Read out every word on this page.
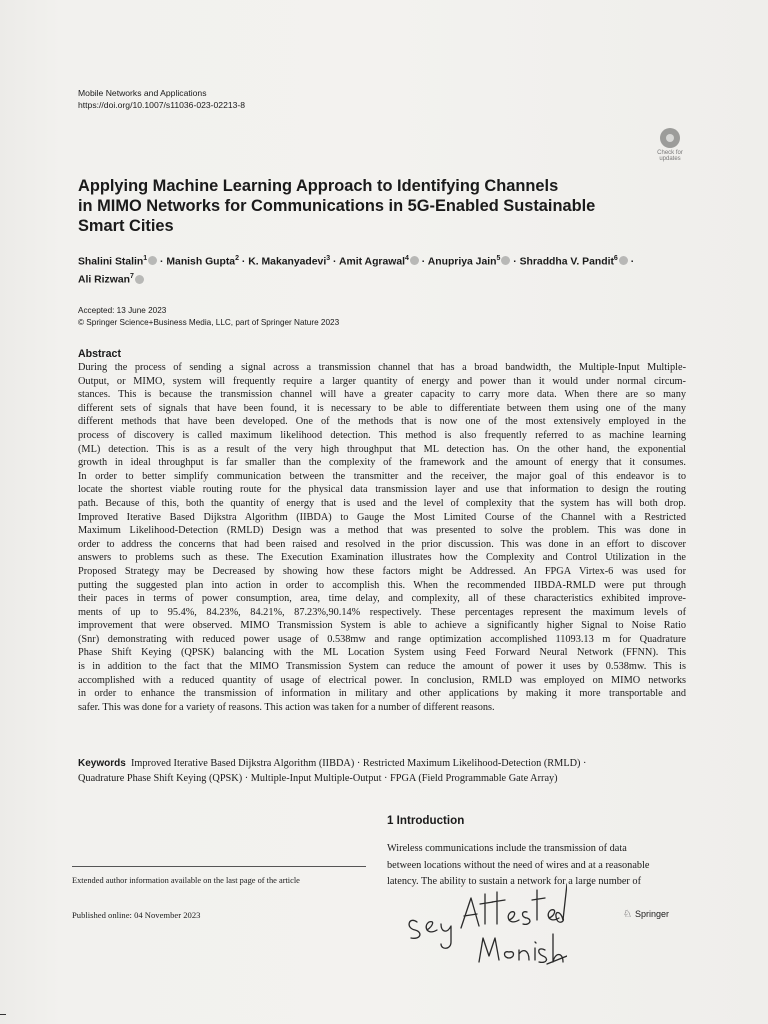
Mobile Networks and Applications
https://doi.org/10.1007/s11036-023-02213-8
Check for updates
Applying Machine Learning Approach to Identifying Channels
in MIMO Networks for Communications in 5G-Enabled Sustainable
Smart Cities
Shalini Stalin$^1$ · Manish Gupta$^2$ · K. Makanyadevi$^3$ · Amit Agrawal$^4$ · Anupriya Jain$^5$ · Shraddha V. Pandit$^6$ ·
Ali Rizwan$^7$
Accepted: 13 June 2023
© Springer Science+Business Media, LLC, part of Springer Nature 2023
Abstract
During the process of sending a signal across a transmission channel that has a broad bandwidth, the Multiple-Input Multiple-
Output, or MIMO, system will frequently require a larger quantity of energy and power than it would under normal circum-
stances. This is because the transmission channel will have a greater capacity to carry more data. When there are so many
different sets of signals that have been found, it is necessary to be able to differentiate between them using one of the many
different methods that have been developed. One of the methods that is now one of the most extensively employed in the
process of discovery is called maximum likelihood detection. This method is also frequently referred to as machine learning
(ML) detection. This is as a result of the very high throughput that ML detection has. On the other hand, the exponential
growth in ideal throughput is far smaller than the complexity of the framework and the amount of energy that it consumes.
In order to better simplify communication between the transmitter and the receiver, the major goal of this endeavor is to
locate the shortest viable routing route for the physical data transmission layer and use that information to design the routing
path. Because of this, both the quantity of energy that is used and the level of complexity that the system has will both drop.
Improved Iterative Based Dijkstra Algorithm (IIBDA) to Gauge the Most Limited Course of the Channel with a Restricted
Maximum Likelihood-Detection (RMLD) Design was a method that was presented to solve the problem. This was done in
order to address the concerns that had been raised and resolved in the prior discussion. This was done in an effort to discover
answers to problems such as these. The Execution Examination illustrates how the Complexity and Control Utilization in the
Proposed Strategy may be Decreased by showing how these factors might be Addressed. An FPGA Virtex-6 was used for
putting the suggested plan into action in order to accomplish this. When the recommended IIBDA-RMLD were put through
their paces in terms of power consumption, area, time delay, and complexity, all of these characteristics exhibited improve-
ments of up to 95.4%, 84.23%, 84.21%, 87.23%,90.14% respectively. These percentages represent the maximum levels of
improvement that were observed. MIMO Transmission System is able to achieve a significantly higher Signal to Noise Ratio
(Snr) demonstrating with reduced power usage of 0.538mw and range optimization accomplished 11093.13 m for Quadrature
Phase Shift Keying (QPSK) balancing with the ML Location System using Feed Forward Neural Network (FFNN). This
is in addition to the fact that the MIMO Transmission System can reduce the amount of power it uses by 0.538mw. This is
accomplished with a reduced quantity of usage of electrical power. In conclusion, RMLD was employed on MIMO networks
in order to enhance the transmission of information in military and other applications by making it more transportable and
safer. This was done for a variety of reasons. This action was taken for a number of different reasons.
Keywords Improved Iterative Based Dijkstra Algorithm (IIBDA) · Restricted Maximum Likelihood-Detection (RMLD) ·
Quadrature Phase Shift Keying (QPSK) · Multiple-Input Multiple-Output · FPGA (Field Programmable Gate Array)
1 Introduction
Wireless communications include the transmission of data
between locations without the need of wires and at a reasonable
latency. The ability to sustain a network for a large number of
Extended author information available on the last page of the article
Published online: 04 November 2023	♘ Springer
